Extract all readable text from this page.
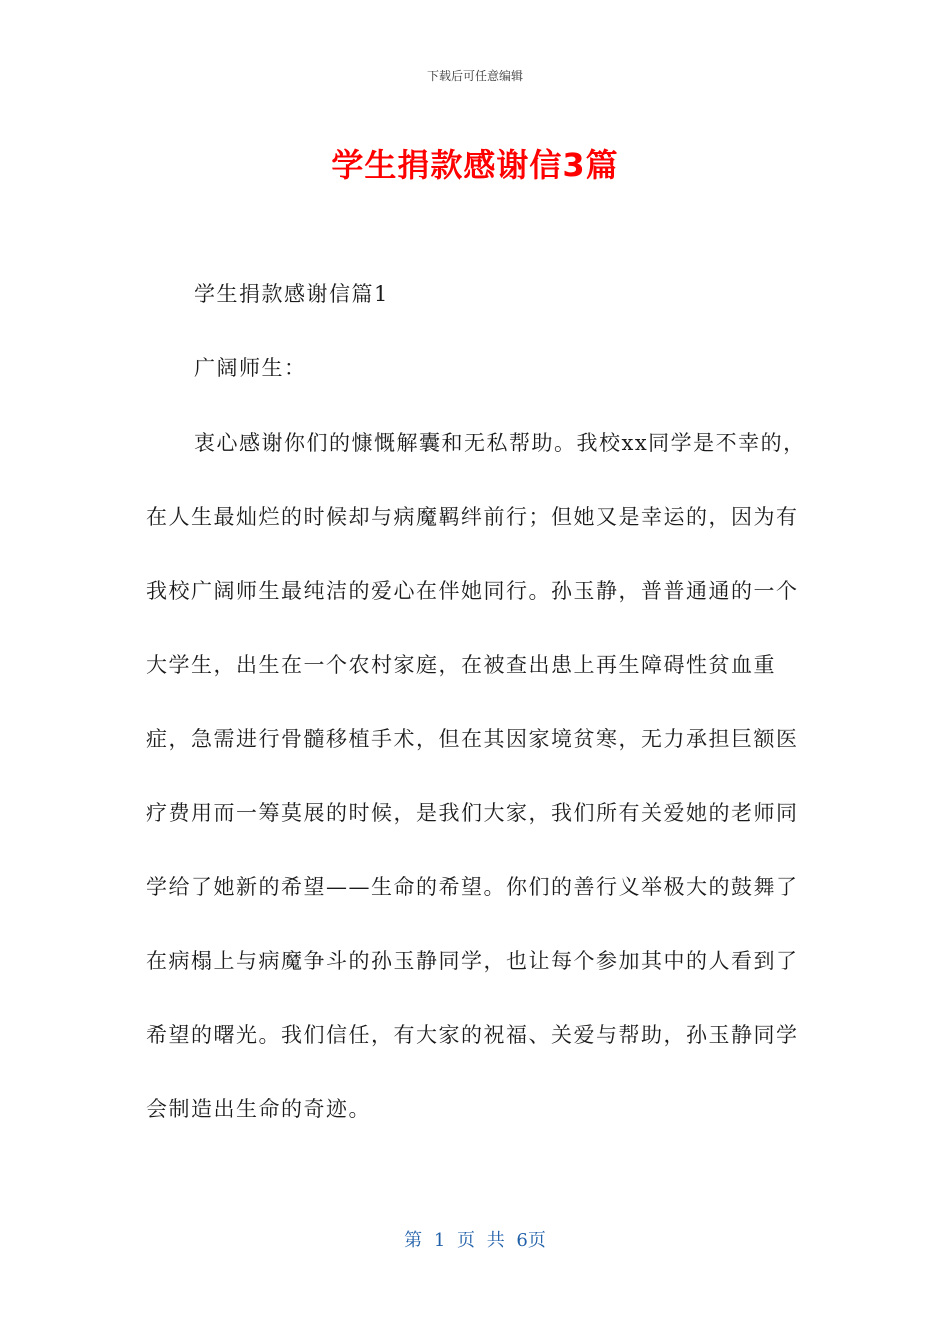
下载后可任意编辑
学生捐款感谢信3篇

学生捐款感谢信篇1

广阔师生：

衷心感谢你们的慷慨解囊和无私帮助。我校xx同学是不幸的，在人生最灿烂的时候却与病魔羁绊前行；但她又是幸运的，因为有我校广阔师生最纯洁的爱心在伴她同行。孙玉静，普普通通的一个大学生，出生在一个农村家庭，在被查出患上再生障碍性贫血重症，急需进行骨髓移植手术，但在其因家境贫寒，无力承担巨额医疗费用而一筹莫展的时候，是我们大家，我们所有关爱她的老师同学给了她新的希望——生命的希望。你们的善行义举极大的鼓舞了在病榻上与病魔争斗的孙玉静同学，也让每个参加其中的人看到了希望的曙光。我们信任，有大家的祝福、关爱与帮助，孙玉静同学会制造出生命的奇迹。

第 1 页 共 6页
